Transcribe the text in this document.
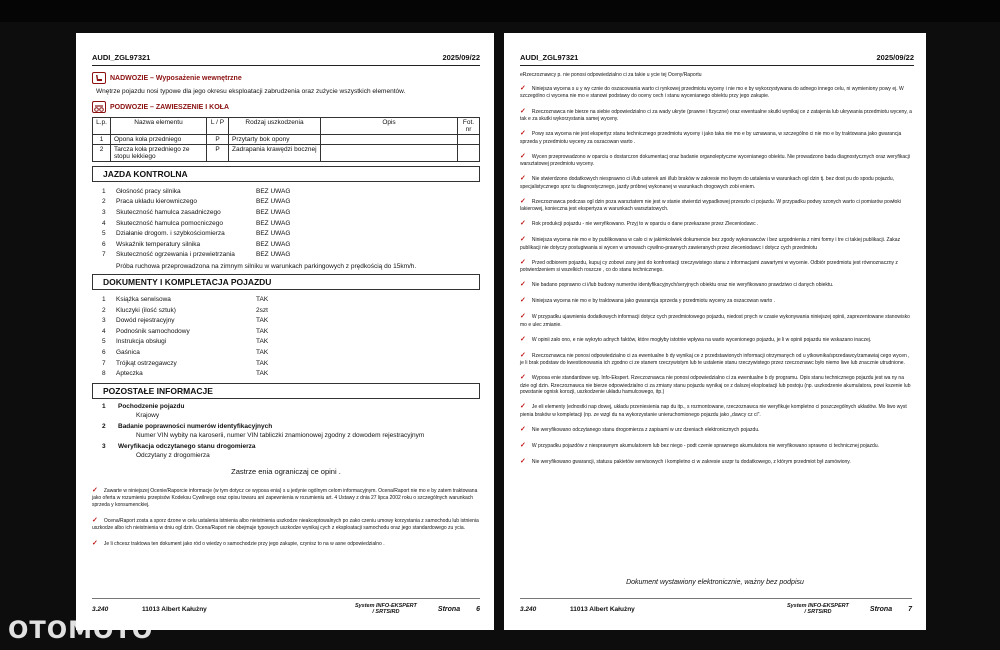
AUDI_ZGL97321	2025/09/22
NADWOZIE – Wyposażenie wewnętrzne
Wnętrze pojazdu nosi typowe dla jego okresu eksploatacji zabrudzenia oraz zużycie wszystkich elementów.
PODWOZIE – ZAWIESZENIE I KOŁA
L.p.	Nazwa elementu	L / P	Rodzaj uszkodzenia	Opis	Fot. nr
1	Opona koła przedniego	P	Przytarty bok opony		
2	Tarcza koła przedniego ze stopu lekkiego	P	Zadrapania krawędzi bocznej		
JAZDA KONTROLNA
1	Głośność pracy silnika	BEZ UWAG
2	Praca układu kierowniczego	BEZ UWAG
3	Skuteczność hamulca zasadniczego	BEZ UWAG
4	Skuteczność hamulca pomocniczego	BEZ UWAG
5	Działanie drogom. i szybkościomierza	BEZ UWAG
6	Wskaźnik temperatury silnika	BEZ UWAG
7	Skuteczność ogrzewania i przewietrzania	BEZ UWAG
Próba ruchowa przeprowadzona na zimnym silniku w warunkach parkingowych z prędkością do 15km/h.
DOKUMENTY I KOMPLETACJA POJAZDU
1	Książka serwisowa	TAK
2	Kluczyki (ilość sztuk)	2szt
3	Dowód rejestracyjny	TAK
4	Podnośnik samochodowy	TAK
5	Instrukcja obsługi	TAK
6	Gaśnica	TAK
7	Trójkąt ostrzegawczy	TAK
8	Apteczka	TAK
POZOSTAŁE INFORMACJE
1	Pochodzenie pojazdu
Krajowy
2	Badanie poprawności numerów identyfikacyjnych
Numer VIN wybity na karoserii, numer VIN tabliczki znamionowej zgodny z dowodem rejestracyjnym
3	Weryfikacja odczytanego stanu drogomierza
Odczytany z drogomierza
Zastrze enia ograniczaj ce opini .
✓ Zawarte w niniejszej Ocenie/Raporcie informacje (w tym dotycz ce wyposa enia) s u jedynie ogólnym celom informacyjnym. Ocena/Raport nie mo e by zatem traktowana jako oferta w rozumieniu przepisów Kodeksu Cywilnego oraz opisu towaru ani zapewnienia w rozumieniu art. 4 Ustawy z dnia 27 lipca 2002 roku o szczególnych warunkach sprzeda y konsumenckiej.
✓ Ocena/Raport zosta a sporz dzone w celu ustalenia istnienia albo nieistnienia uszkodze nieakceptowalnych po zako czeniu umowy korzystania z samochodu lub istnienia uszkodze albo ich nieistnienia w dniu ogl dzin. Ocena/Raport nie obejmuje typowych uszkodze wynikaj cych z eksploatacji samochodu oraz jego standardowego zu ycia.
✓ Je li chcesz traktowa ten dokument jako ród o wiedzy o samochodzie przy jego zakupie, czynisz to na w asne odpowiedzialno .
3.240	11013 Albert Kałużny
System INFO-EKSPERT
/ SRTSIRD	Strona 6
AUDI_ZGL97321	2025/09/22
eRzeczoznawcy p. nie ponosi odpowiedzialno ci za takie u ycie tej Oceny/Raportu
✓ Niniejsza wycena s u y wy cznie do oszacowania warto ci rynkowej przedmiotu wyceny i nie mo e by wykorzystywana do adnego innego celu, ni wymieniony powy ej. W szczególno ci wycena nie mo e stanowi podstawy do oceny cech i stanu wycenianego obiektu przy jego zakupie.
✓ Rzeczoznawca nie bierze na siebie odpowiedzialno ci za wady ukryte (prawne i fizyczne) oraz ewentualne skutki wynikaj ce z zatajenia lub ukrywania przedmiotu wyceny, a tak e za skutki wykorzystania samej wyceny.
✓ Powy sza wycena nie jest ekspertyz stanu technicznego przedmiotu wyceny i jako taka nie mo e by uznawana, w szczególno ci nie mo e by traktowana jako gwarancja sprzeda y przedmiotu wyceny za oszacowan warto .
✓ Wycen przeprowadzono w oparciu o dostarczon dokumentacj oraz badanie organoleptyczne wycenianego obiektu. Nie prowadzono bada diagnostycznych oraz weryfikacji warsztatowej przedmiotu wyceny.
✓ Nie stwierdzono dodatkowych niesprawno ci i/lub usterek ani i/lub braków w zakresie mo liwym do ustalenia w warunkach ogl dzin tj. bez dost pu do spodu pojazdu, specjalistycznego sprz tu diagnostycznego, jazdy próbnej wykonanej w warunkach drogowych zobi eniem.
✓ Rzeczoznawca podczas ogl dzin poza warsztatem nie jest w stanie stwierdzi wypadkowej przeszło ci pojazdu. W przypadku podwy szonych warto ci pomiarów powłoki lakierowej, konieczna jest ekspertyza w warunkach warsztatowych.
✓ Rok produkcji pojazdu - nie weryfikowano. Przyj to w oparciu o dane przekazane przez Zleceniodawc .
✓ Niniejsza wycena nie mo e by publikowana w cało ci w jakimkolwiek dokumencie bez zgody wykonawców i bez uzgodnienia z nimi formy i tre ci takiej publikacji. Zakaz publikacji nie dotyczy postugiwania si wycen w umowach cywilno-prawnych zawieranych przez zleceniodawc i dotycz cych przedmiotu
✓ Przed odbiorem pojazdu, kupuj cy zobowi zany jest do konfrontacji rzeczywistego stanu z informacjami zawartymi w wycenie. Odbiór przedmiotu jest równoznaczny z potwierdzeniem si wszelkich roszcze , co do stanu technicznego.
✓ Nie badano poprawno ci i/lub budowy numerów identyfikacyjnych/seryjnych obiektu oraz nie weryfikowano prawdziwo ci danych obiektu.
✓ Niniejsza wycena nie mo e by traktowana jako gwarancja sprzeda y przedmiotu wyceny za oszacowan warto .
✓ W przypadku ujawnienia dodatkowych informacji dotycz cych przedmiotowego pojazdu, niedost pnych w czasie wykonywania niniejszej opinii, zaprezentowane stanowisko mo e ulec zmianie.
✓ W opinii zało ono, e nie wykryto adnych faktów, które mogłyby istotnie wpływa na warto wycenionego pojazdu, je li w opinii pojazdu nie wskazano inaczej.
✓ Rzeczoznawca nie ponosi odpowiedzialno ci za ewentualne b dy wynikaj ce z przedstawionych informacji otrzymanych od u ytkownika/sprzedawcy/zamawiaj cego wycen , je li brak podstaw do kwestionowania ich zgodno ci ze stanem rzeczywistym lub te ustalenie stanu rzeczywistego przez rzeczoznawc było niemo liwe lub znacznie utrudnione.
✓ Wyposa enie standardowe wg. Info-Ekspert. Rzeczoznawca nie ponosi odpowiedzialno ci za ewentualne b dy programu. Opis stanu technicznego pojazdu jest wa ny na dzie ogl dzin. Rzeczoznawca nie bierze odpowiedzialno ci za zmiany stanu pojazdu wynikaj ce z dalszej eksploatacji lub postoju (np. uszkodzenie akumulatora, powi kszenie lub powstanie ognisk korozji, uszkodzenie układu hamulcowego, itp.)
✓ Je eli elementy (ednostki nap dowej, układu przeniesienia nap du itp., s rozmontowane, rzeczoznawca nie weryfikuje kompletno ci poszczególnych układów. Mo liwo wyst pienia braków w kompletacji (np. ze wzgl du na wykorzystanie unieruchomionego pojazdu jako „dawcy cz ci".
✓ Nie weryfikowano odczytanego stanu drogomierza z zapisami w urz dzeniach elektronicznych pojazdu.
✓ W przypadku pojazdów z niesprawnym akumulatorem lub bez niego - podt czenie sprawnego akumulatora nie weryfikowano sprawno ci technicznej pojazdu.
✓ Nie weryfikowano gwarancji, statusu pakietów serwisowych i kompletno ci w zakresie uszpr tu dodatkowego, z którym przedmiot był zamówiony.
Dokument wystawiony elektronicznie, ważny bez podpisu
3.240	11013 Albert Kałużny
System INFO-EKSPERT
/ SRTSIRD	Strona 7
OTOMOTO
